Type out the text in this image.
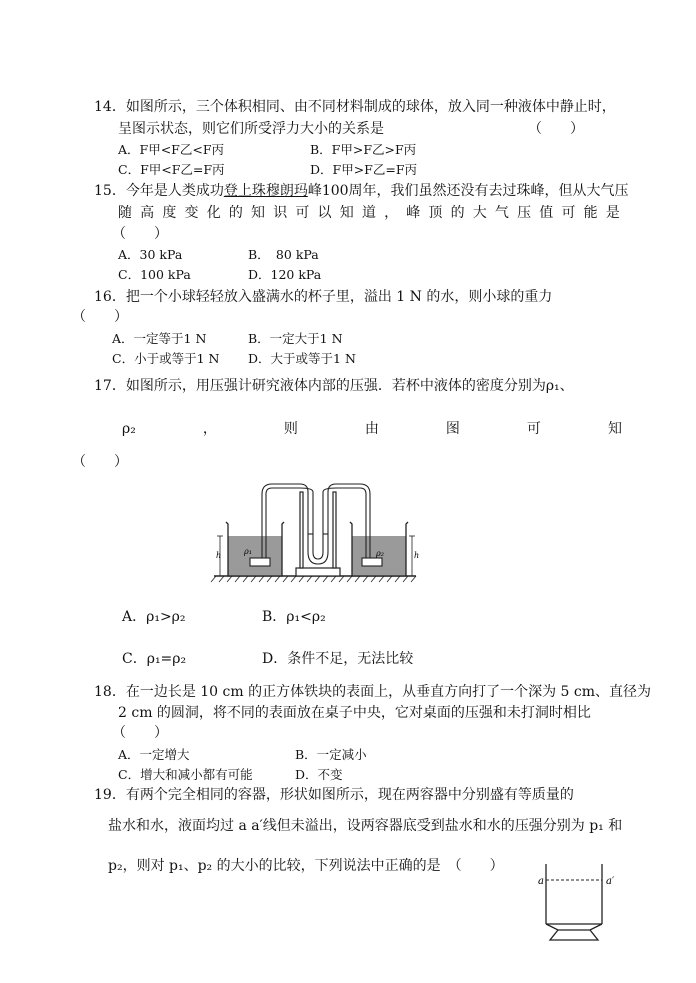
14．如图所示，三个体积相同、由不同材料制成的球体，放入同一种液体中静止时，
呈图示状态，则它们所受浮力大小的关系是	（　　）
A．F甲<F乙<F丙	B．F甲>F乙>F丙
C．F甲<F乙=F丙	D．F甲>F乙=F丙
15．今年是人类成功登上珠穆朗玛峰100周年，我们虽然还没有去过珠峰，但从大气压
随 高 度 变 化 的 知 识 可 以 知 道 ， 峰 顶 的 大 气 压 值 可 能 是
（　　）
A．30 kPa	B．　80 kPa
C．100 kPa	D．120 kPa
16．把一个小球轻轻放入盛满水的杯子里，溢出 1 N 的水，则小球的重力
（　　）
A．一定等于1 N	B．一定大于1 N
C．小于或等于1 N D．大于或等于1 N
17．如图所示，用压强计研究液体内部的压强．若杯中液体的密度分别为ρ₁、
ρ₂	，	则	由	图	可	知
（　　）
h	h
ρ₁	ρ₂
A．ρ₁>ρ₂	B．ρ₁<ρ₂
C．ρ₁=ρ₂	D．条件不足，无法比较
18．在一边长是 10 cm 的正方体铁块的表面上，从垂直方向打了一个深为 5 cm、直径为
2 cm 的圆洞，将不同的表面放在桌子中央，它对桌面的压强和未打洞时相比
（　　）
A．一定增大	B．一定减小
C．增大和减小都有可能	D．不变
19．有两个完全相同的容器，形状如图所示，现在两容器中分别盛有等质量的
盐水和水，液面均过 a a′线但未溢出，设两容器底受到盐水和水的压强分别为 p₁ 和
p₂，则对 p₁、p₂ 的大小的比较，下列说法中正确的是　（　　）
a	a′
